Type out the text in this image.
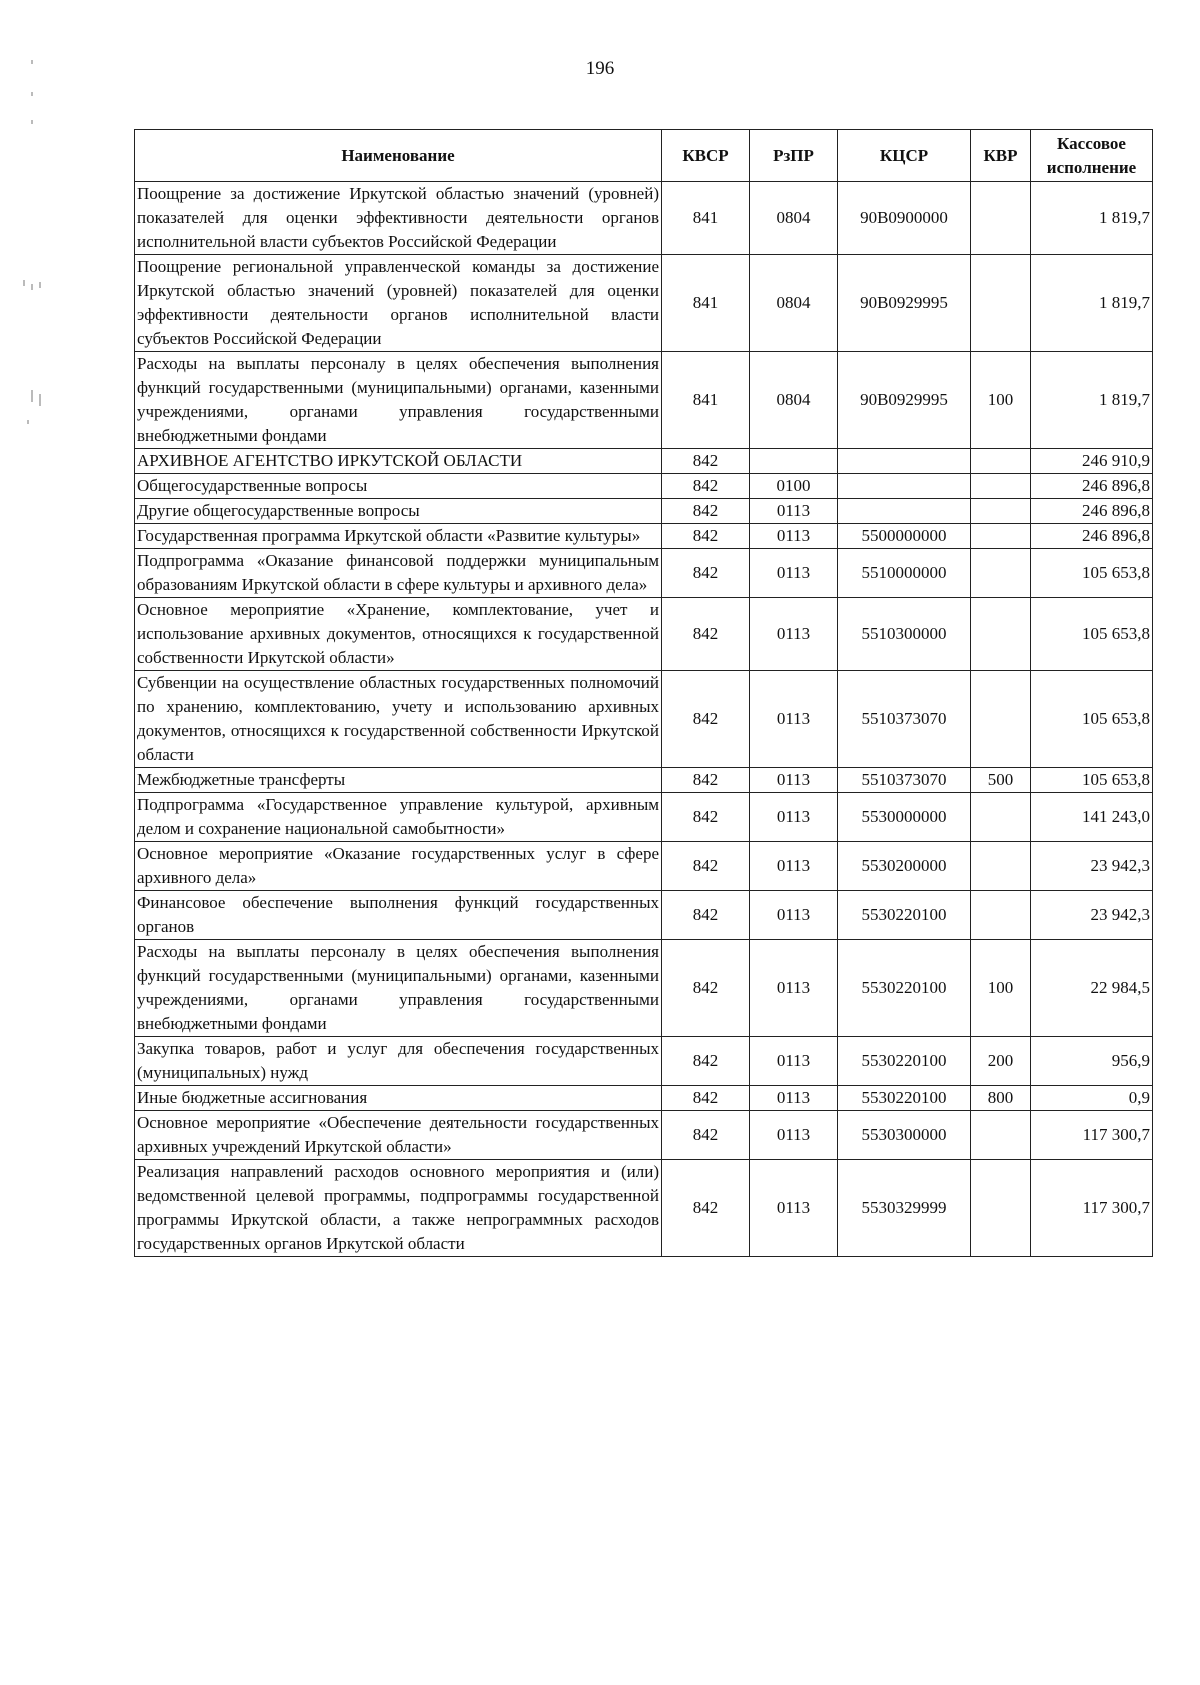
196
Наименование	КВСР	РзПР	КЦСР	КВР	Кассовое исполнение
Поощрение за достижение Иркутской областью значений (уровней) показателей для оценки эффективности деятельности органов исполнительной власти субъектов Российской Федерации	841	0804	90В0900000		1 819,7
Поощрение региональной управленческой команды за достижение Иркутской областью значений (уровней) показателей для оценки эффективности деятельности органов исполнительной власти субъектов Российской Федерации	841	0804	90В0929995		1 819,7
Расходы на выплаты персоналу в целях обеспечения выполнения функций государственными (муниципальными) органами, казенными учреждениями, органами управления государственными внебюджетными фондами	841	0804	90В0929995	100	1 819,7
АРХИВНОЕ АГЕНТСТВО ИРКУТСКОЙ ОБЛАСТИ	842				246 910,9
Общегосударственные вопросы	842	0100			246 896,8
Другие общегосударственные вопросы	842	0113			246 896,8
Государственная программа Иркутской области «Развитие культуры»	842	0113	5500000000		246 896,8
Подпрограмма «Оказание финансовой поддержки муниципальным образованиям Иркутской области в сфере культуры и архивного дела»	842	0113	5510000000		105 653,8
Основное мероприятие «Хранение, комплектование, учет и использование архивных документов, относящихся к государственной собственности Иркутской области»	842	0113	5510300000		105 653,8
Субвенции на осуществление областных государственных полномочий по хранению, комплектованию, учету и использованию архивных документов, относящихся к государственной собственности Иркутской области	842	0113	5510373070		105 653,8
Межбюджетные трансферты	842	0113	5510373070	500	105 653,8
Подпрограмма «Государственное управление культурой, архивным делом и сохранение национальной самобытности»	842	0113	5530000000		141 243,0
Основное мероприятие «Оказание государственных услуг в сфере архивного дела»	842	0113	5530200000		23 942,3
Финансовое обеспечение выполнения функций государственных органов	842	0113	5530220100		23 942,3
Расходы на выплаты персоналу в целях обеспечения выполнения функций государственными (муниципальными) органами, казенными учреждениями, органами управления государственными внебюджетными фондами	842	0113	5530220100	100	22 984,5
Закупка товаров, работ и услуг для обеспечения государственных (муниципальных) нужд	842	0113	5530220100	200	956,9
Иные бюджетные ассигнования	842	0113	5530220100	800	0,9
Основное мероприятие «Обеспечение деятельности государственных архивных учреждений Иркутской области»	842	0113	5530300000		117 300,7
Реализация направлений расходов основного мероприятия и (или) ведомственной целевой программы, подпрограммы государственной программы Иркутской области, а также непрограммных расходов государственных органов Иркутской области	842	0113	5530329999		117 300,7
